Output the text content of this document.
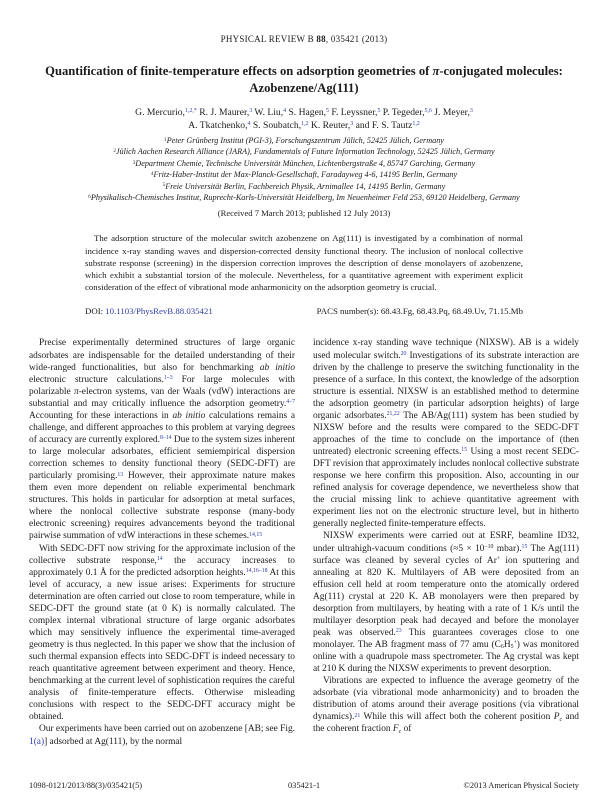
PHYSICAL REVIEW B 88, 035421 (2013)
Quantification of finite-temperature effects on adsorption geometries of π-conjugated molecules:
Azobenzene/Ag(111)
G. Mercurio,$^{1,2,*}$ R. J. Maurer,$^3$ W. Liu,$^4$ S. Hagen,$^5$ F. Leyssner,$^5$ P. Tegeder,$^{5,6}$ J. Meyer,$^3$
A. Tkatchenko,$^4$ S. Soubatch,$^{1,2}$ K. Reuter,$^3$ and F. S. Tautz$^{1,2}$
$^1$Peter Grünberg Institut (PGI-3), Forschungszentrum Jülich, 52425 Jülich, Germany
$^2$Jülich Aachen Research Alliance (JARA), Fundamentals of Future Information Technology, 52425 Jülich, Germany
$^3$Department Chemie, Technische Universität München, Lichtenbergstraße 4, 85747 Garching, Germany
$^4$Fritz-Haber-Institut der Max-Planck-Gesellschaft, Faradayweg 4-6, 14195 Berlin, Germany
$^5$Freie Universität Berlin, Fachbereich Physik, Arnimallee 14, 14195 Berlin, Germany
$^6$Physikalisch-Chemisches Institut, Ruprecht-Karls-Universität Heidelberg, Im Neuenheimer Feld 253, 69120 Heidelberg, Germany
(Received 7 March 2013; published 12 July 2013)
The adsorption structure of the molecular switch azobenzene on Ag(111) is investigated by a combination of normal incidence x-ray standing waves and dispersion-corrected density functional theory. The inclusion of nonlocal collective substrate response (screening) in the dispersion correction improves the description of dense monolayers of azobenzene, which exhibit a substantial torsion of the molecule. Nevertheless, for a quantitative agreement with experiment explicit consideration of the effect of vibrational mode anharmonicity on the adsorption geometry is crucial.
DOI: 10.1103/PhysRevB.88.035421	PACS number(s): 68.43.Fg, 68.43.Pq, 68.49.Uv, 71.15.Mb

Precise experimentally determined structures of large organic adsorbates are indispensable for the detailed understanding of their wide-ranged functionalities, but also for benchmarking ab initio electronic structure calculations.$^{1-3}$ For large molecules with polarizable π-electron systems, van der Waals (vdW) interactions are substantial and may critically influence the adsorption geometry.$^{4-7}$ Accounting for these interactions in ab initio calculations remains a challenge, and different approaches to this problem at varying degrees of accuracy are currently explored.$^{8-14}$ Due to the system sizes inherent to large molecular adsorbates, efficient semiempirical dispersion correction schemes to density functional theory (SEDC-DFT) are particularly promising.$^{13}$ However, their approximate nature makes them even more dependent on reliable experimental benchmark structures. This holds in particular for adsorption at metal surfaces, where the nonlocal collective substrate response (many-body electronic screening) requires advancements beyond the traditional pairwise summation of vdW interactions in these schemes.$^{14,15}$

With SEDC-DFT now striving for the approximate inclusion of the collective substrate response,$^{14}$ the accuracy increases to approximately 0.1 Å for the predicted adsorption heights.$^{14,16-18}$ At this level of accuracy, a new issue arises: Experiments for structure determination are often carried out close to room temperature, while in SEDC-DFT the ground state (at 0 K) is normally calculated. The complex internal vibrational structure of large organic adsorbates which may sensitively influence the experimental time-averaged geometry is thus neglected. In this paper we show that the inclusion of such thermal expansion effects into SEDC-DFT is indeed necessary to reach quantitative agreement between experiment and theory. Hence, benchmarking at the current level of sophistication requires the careful analysis of finite-temperature effects. Otherwise misleading conclusions with respect to the SEDC-DFT accuracy might be obtained.

Our experiments have been carried out on azobenzene [AB; see Fig. 1(a)] adsorbed at Ag(111), by the normal

incidence x-ray standing wave technique (NIXSW). AB is a widely used molecular switch.$^{20}$ Investigations of its substrate interaction are driven by the challenge to preserve the switching functionality in the presence of a surface. In this context, the knowledge of the adsorption structure is essential. NIXSW is an established method to determine the adsorption geometry (in particular adsorption heights) of large organic adsorbates.$^{21,22}$ The AB/Ag(111) system has been studied by NIXSW before and the results were compared to the SEDC-DFT approaches of the time to conclude on the importance of (then untreated) electronic screening effects.$^{15}$ Using a most recent SEDC-DFT revision that approximately includes nonlocal collective substrate response we here confirm this proposition. Also, accounting in our refined analysis for coverage dependence, we nevertheless show that the crucial missing link to achieve quantitative agreement with experiment lies not on the electronic structure level, but in hitherto generally neglected finite-temperature effects.

NIXSW experiments were carried out at ESRF, beamline ID32, under ultrahigh-vacuum conditions ($\approx 5 \times 10^{-10}$ mbar).$^{15}$ The Ag(111) surface was cleaned by several cycles of Ar+ ion sputtering and annealing at 820 K. Multilayers of AB were deposited from an effusion cell held at room temperature onto the atomically ordered Ag(111) crystal at 220 K. AB monolayers were then prepared by desorption from multilayers, by heating with a rate of 1 K/s until the multilayer desorption peak had decayed and before the monolayer peak was observed.$^{23}$ This guarantees coverages close to one monolayer. The AB fragment mass of 77 amu $(C_6H_5^+)$ was monitored online with a quadrupole mass spectrometer. The Ag crystal was kept at 210 K during the NIXSW experiments to prevent desorption.

Vibrations are expected to influence the average geometry of the adsorbate (via vibrational mode anharmonicity) and to broaden the distribution of atoms around their average positions (via vibrational dynamics).$^{21}$ While this will affect both the coherent position $P_c$ and the coherent fraction $F_c$ of

1098-0121/2013/88(3)/035421(5)	035421-1	©2013 American Physical Society
